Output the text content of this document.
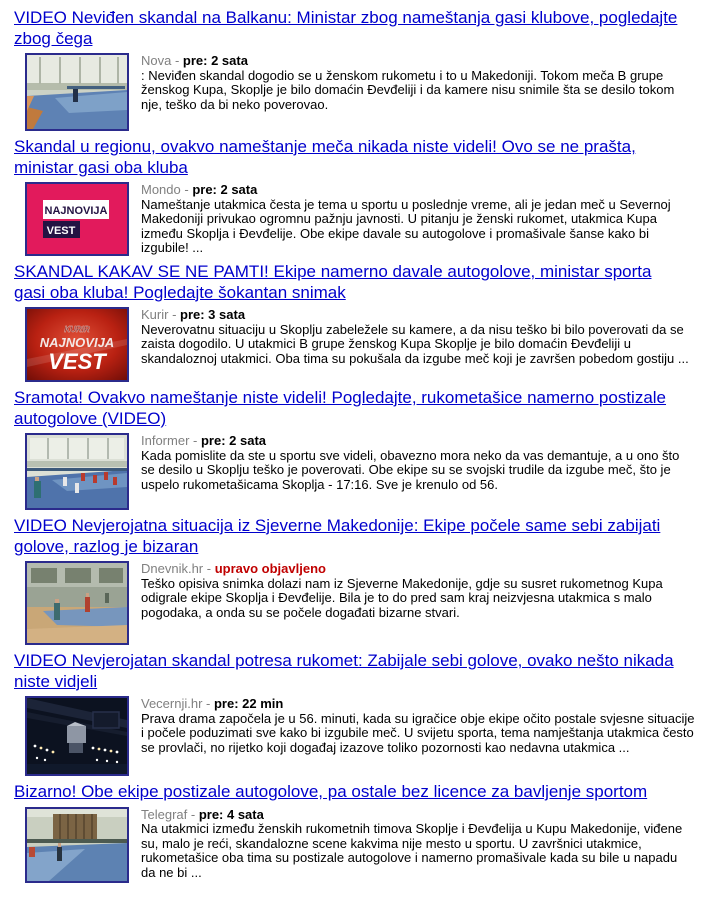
VIDEO Neviđen skandal na Balkanu: Ministar zbog nameštanja gasi klubove, pogledajte zbog čega

Nova - pre: 2 sata

: Neviđen skandal dogodio se u ženskom rukometu i to u Makedoniji. Tokom meča B grupe ženskog Kupa, Skoplje je bilo domaćin Đevđeliji i da kamere nisu snimile šta se desilo tokom nje, teško da bi neko poverovao.

Skandal u regionu, ovakvo nameštanje meča nikada niste videli! Ovo se ne prašta, ministar gasi oba kluba
NAJNOVIJA
VEST

Mondo - pre: 2 sata

Nameštanje utakmica česta je tema u sportu u poslednje vreme, ali je jedan meč u Severnoj Makedoniji privukao ogromnu pažnju javnosti. U pitanju je ženski rukomet, utakmica Kupa između Skoplja i Đevđelije. Obe ekipe davale su autogolove i promašivale šanse kako bi izgubile! ...

SKANDAL KAKAV SE NE PAMTI! Ekipe namerno davale autogolove, ministar sporta gasi oba kluba! Pogledajte šokantan snimak
KURIR
NAJNOVIJA
VEST

Kurir - pre: 3 sata

Neverovatnu situaciju u Skoplju zabeležele su kamere, a da nisu teško bi bilo poverovati da se zaista dogodilo. U utakmici B grupe ženskog Kupa Skoplje je bilo domaćin Đevđeliji u skandaloznoj utakmici. Oba tima su pokušala da izgube meč koji je završen pobedom gostiju ...

Sramota! Ovakvo nameštanje niste videli! Pogledajte, rukometašice namerno postizale autogolove (VIDEO)

Informer - pre: 2 sata

Kada pomislite da ste u sportu sve videli, obavezno mora neko da vas demantuje, a u ono što se desilo u Skoplju teško je poverovati. Obe ekipe su se svojski trudile da izgube meč, što je uspelo rukometašicama Skoplja - 17:16. Sve je krenulo od 56.

VIDEO Nevjerojatna situacija iz Sjeverne Makedonije: Ekipe počele same sebi zabijati golove, razlog je bizaran

Dnevnik.hr - upravo objavljeno

Teško opisiva snimka dolazi nam iz Sjeverne Makedonije, gdje su susret rukometnog Kupa odigrale ekipe Skoplja i Đevđelije. Bila je to do pred sam kraj neizvjesna utakmica s malo pogodaka, a onda su se počele događati bizarne stvari.

VIDEO Nevjerojatan skandal potresa rukomet: Zabijale sebi golove, ovako nešto nikada niste vidjeli

Vecernji.hr - pre: 22 min

Prava drama započela je u 56. minuti, kada su igračice obje ekipe očito postale svjesne situacije i počele poduzimati sve kako bi izgubile meč. U svijetu sporta, tema namještanja utakmica često se provlači, no rijetko koji događaj izazove toliko pozornosti kao nedavna utakmica ...

Bizarno! Obe ekipe postizale autogolove, pa ostale bez licence za bavljenje sportom

Telegraf - pre: 4 sata

Na utakmici između ženskih rukometnih timova Skoplje i Đevđelija u Kupu Makedonije, viđene su, malo je reći, skandalozne scene kakvima nije mesto u sportu. U završnici utakmice, rukometašice oba tima su postizale autogolove i namerno promašivale kada su bile u napadu da ne bi ...
